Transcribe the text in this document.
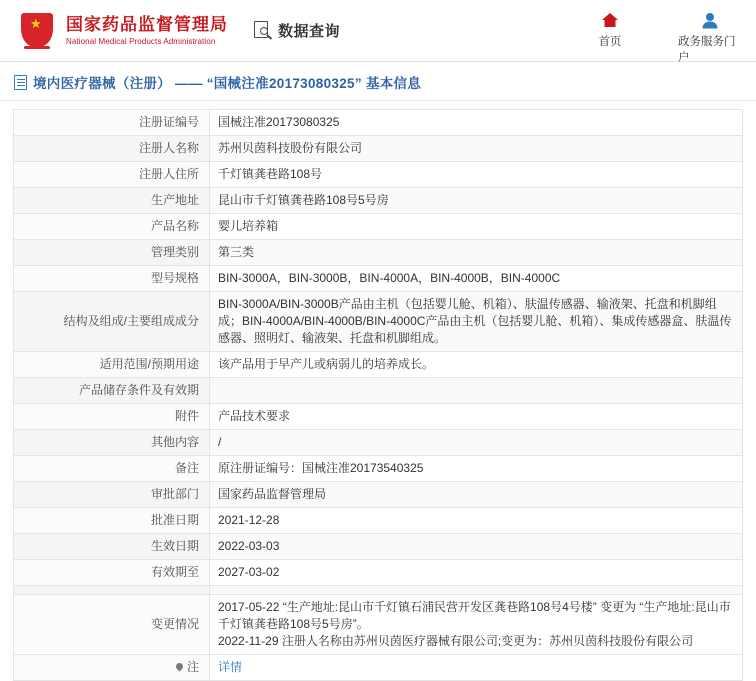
★ 国家药品监督管理局
National Medical Products Administration
数据查询
首页	政务服务门户
境内医疗器械（注册） —— “国械注准20173080325” 基本信息
注册证编号	国械注准20173080325
注册人名称	苏州贝茵科技股份有限公司
注册人住所	千灯镇龚巷路108号
生产地址	昆山市千灯镇龚巷路108号5号房
产品名称	婴儿培养箱
管理类别	第三类
型号规格	BIN-3000A，BIN-3000B，BIN-4000A，BIN-4000B，BIN-4000C
结构及组成/主要组成成分	BIN-3000A/BIN-3000B产品由主机（包括婴儿舱、机箱）、肤温传感器、输液架、托盘和机脚组成；BIN-4000A/BIN-4000B/BIN-4000C产品由主机（包括婴儿舱、机箱）、集成传感器盒、肤温传感器、照明灯、输液架、托盘和机脚组成。
适用范围/预期用途	该产品用于早产儿或病弱儿的培养成长。
产品储存条件及有效期	
附件	产品技术要求
其他内容	/
备注	原注册证编号：国械注准20173540325
审批部门	国家药品监督管理局
批准日期	2021-12-28
生效日期	2022-03-03
有效期至	2027-03-02

变更情况	2017-05-22 “生产地址:昆山市千灯镇石浦民营开发区龚巷路108号4号楼” 变更为 “生产地址:昆山市千灯镇龚巷路108号5号房”。
2022-11-29 注册人名称由苏州贝茵医疗器械有限公司;变更为：苏州贝茵科技股份有限公司

注	详情
